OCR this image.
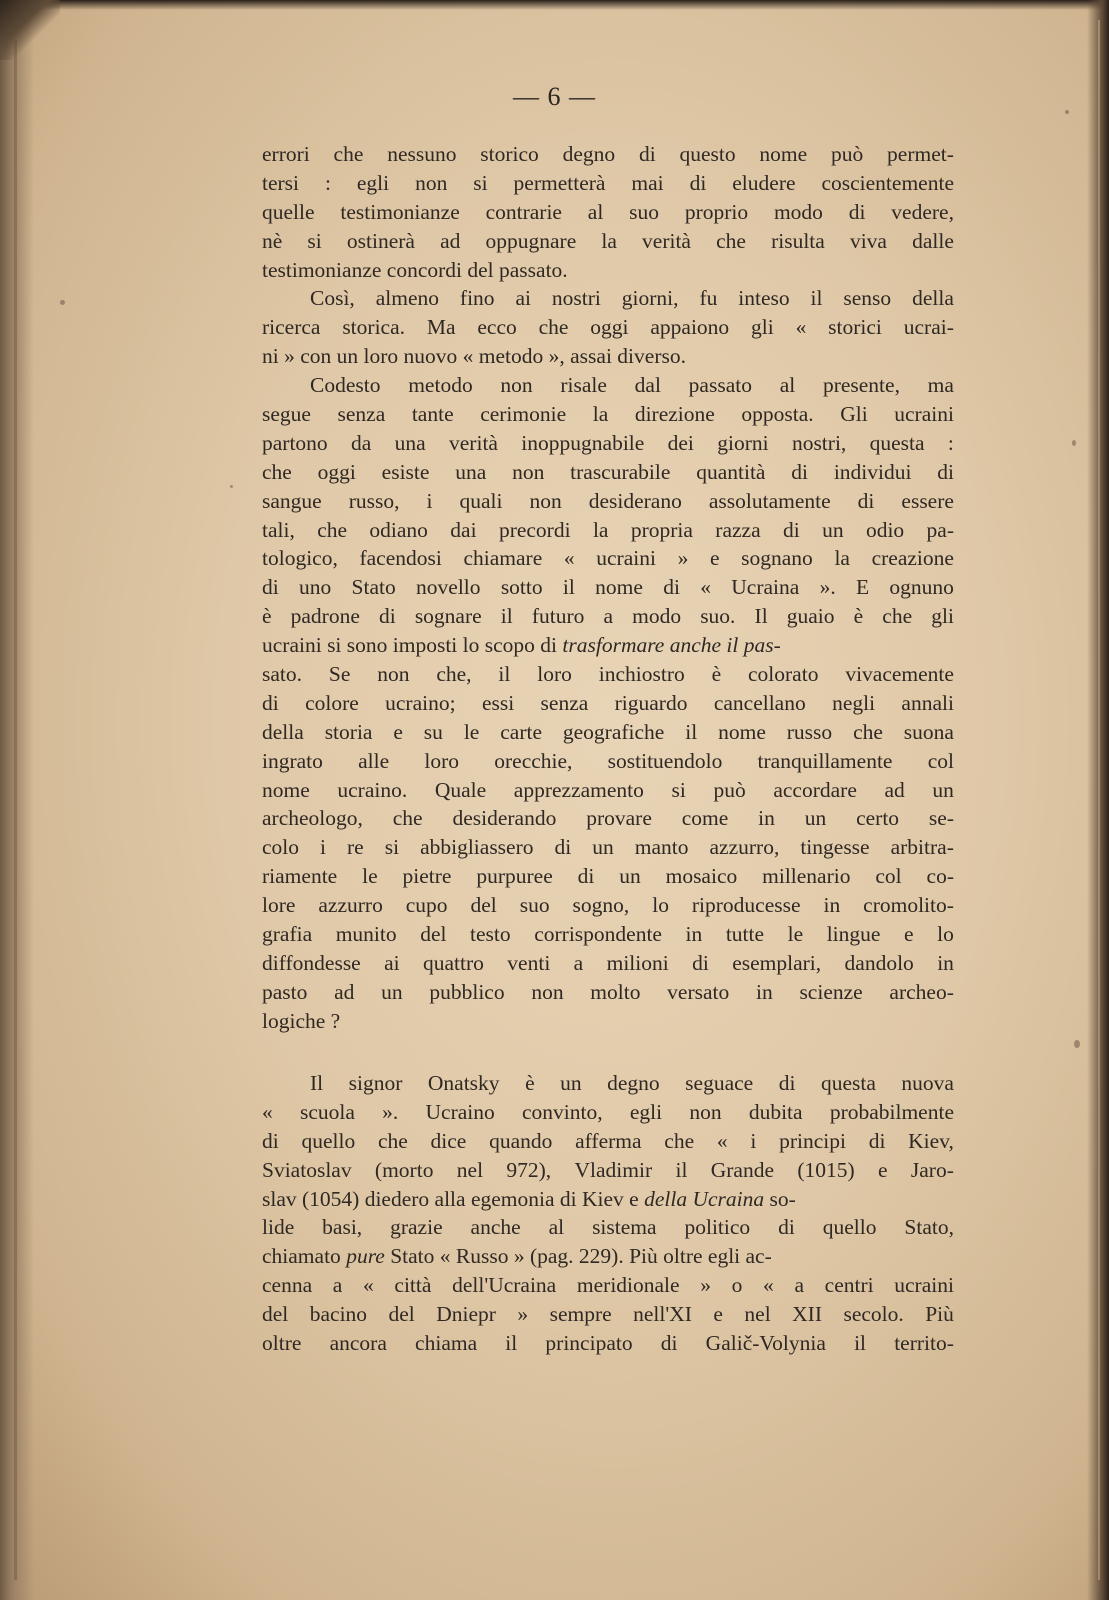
— 6 —
errori che nessuno storico degno di questo nome può permet-
tersi : egli non si permetterà mai di eludere coscientemente
quelle testimonianze contrarie al suo proprio modo di vedere,
nè si ostinerà ad oppugnare la verità che risulta viva dalle
testimonianze concordi del passato.
Così, almeno fino ai nostri giorni, fu inteso il senso della
ricerca storica. Ma ecco che oggi appaiono gli « storici ucrai-
ni » con un loro nuovo « metodo », assai diverso.
Codesto metodo non risale dal passato al presente, ma
segue senza tante cerimonie la direzione opposta. Gli ucraini
partono da una verità inoppugnabile dei giorni nostri, questa :
che oggi esiste una non trascurabile quantità di individui di
sangue russo, i quali non desiderano assolutamente di essere
tali, che odiano dai precordi la propria razza di un odio pa-
tologico, facendosi chiamare « ucraini » e sognano la creazione
di uno Stato novello sotto il nome di « Ucraina ». E ognuno
è padrone di sognare il futuro a modo suo. Il guaio è che gli
ucraini si sono imposti lo scopo di trasformare anche il pas-
sato. Se non che, il loro inchiostro è colorato vivacemente
di colore ucraino; essi senza riguardo cancellano negli annali
della storia e su le carte geografiche il nome russo che suona
ingrato alle loro orecchie, sostituendolo tranquillamente col
nome ucraino. Quale apprezzamento si può accordare ad un
archeologo, che desiderando provare come in un certo se-
colo i re si abbigliassero di un manto azzurro, tingesse arbitra-
riamente le pietre purpuree di un mosaico millenario col co-
lore azzurro cupo del suo sogno, lo riproducesse in cromolito-
grafia munito del testo corrispondente in tutte le lingue e lo
diffondesse ai quattro venti a milioni di esemplari, dandolo in
pasto ad un pubblico non molto versato in scienze archeo-
logiche ?
Il signor Onatsky è un degno seguace di questa nuova
« scuola ». Ucraino convinto, egli non dubita probabilmente
di quello che dice quando afferma che « i principi di Kiev,
Sviatoslav (morto nel 972), Vladimir il Grande (1015) e Jaro-
slav (1054) diedero alla egemonia di Kiev e della Ucraina so-
lide basi, grazie anche al sistema politico di quello Stato,
chiamato pure Stato « Russo » (pag. 229). Più oltre egli ac-
cenna a « città dell'Ucraina meridionale » o « a centri ucraini
del bacino del Dniepr » sempre nell'XI e nel XII secolo. Più
oltre ancora chiama il principato di Galič-Volynia il territo-
